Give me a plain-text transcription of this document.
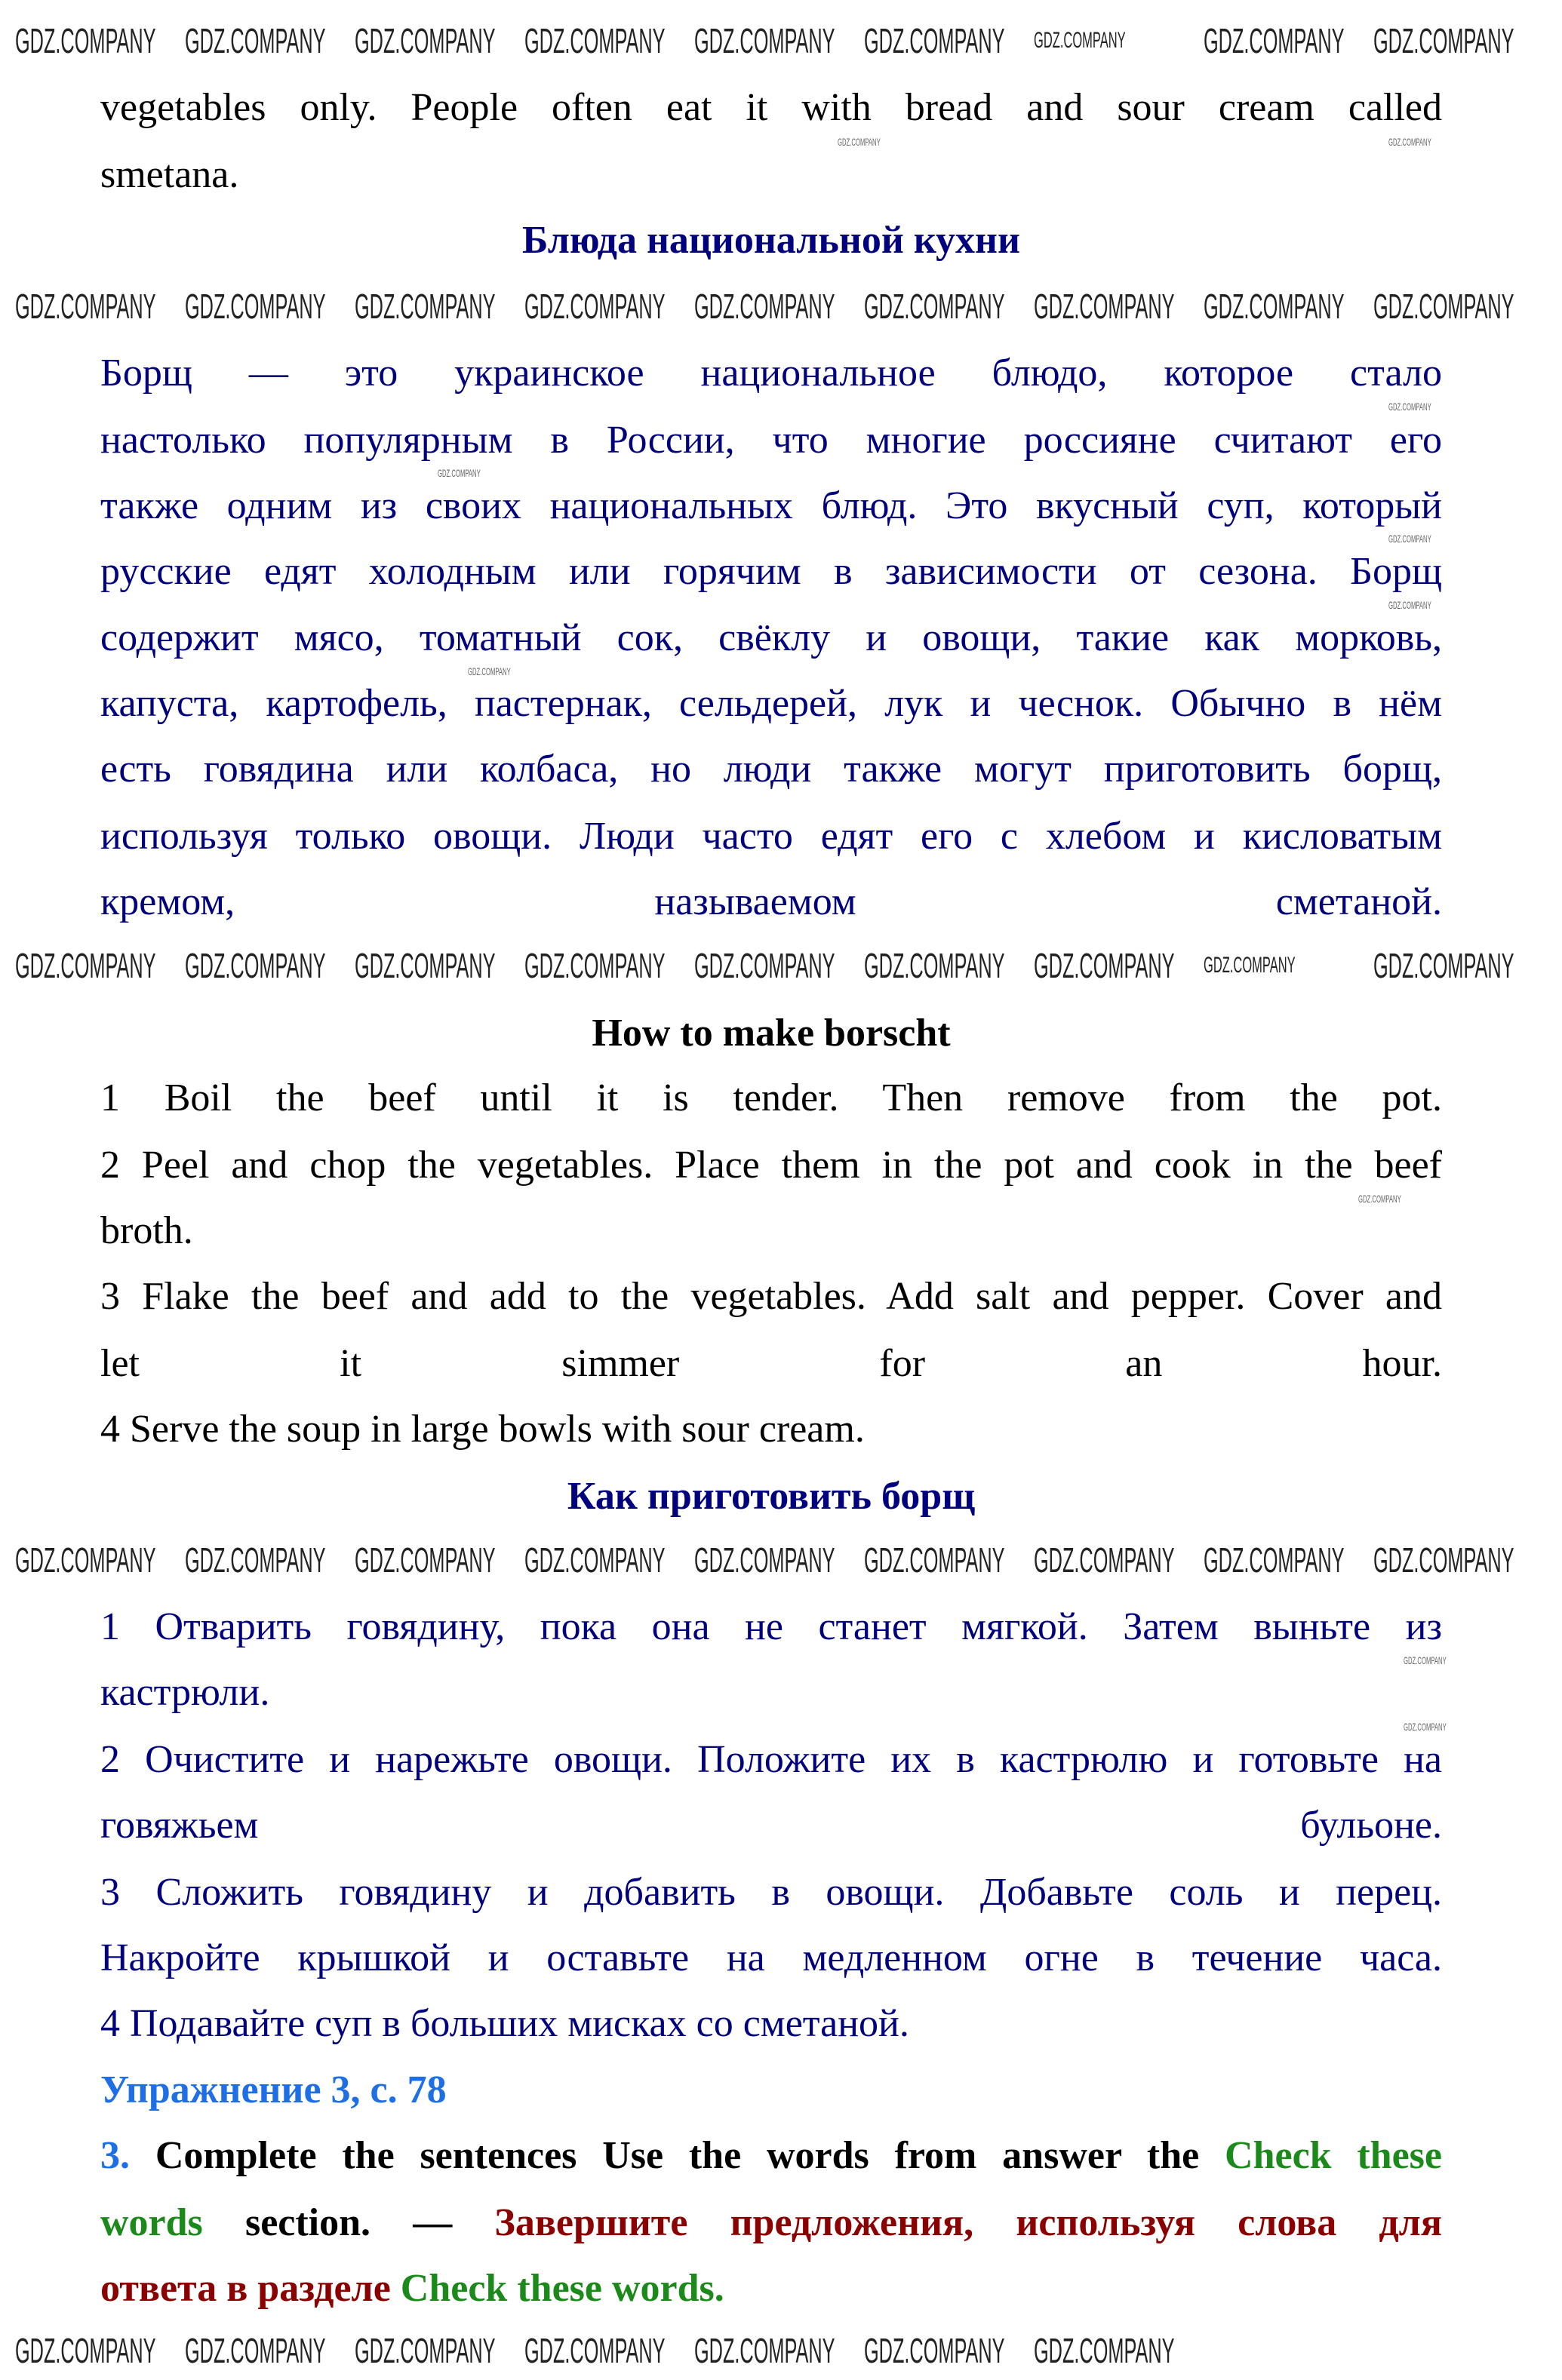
vegetables only. People often eat it with bread and sour cream called
smetana.
Блюда национальной кухни
Борщ — это украинское национальное блюдо, которое стало
настолько популярным в России, что многие россияне считают его
также одним из своих национальных блюд. Это вкусный суп, который
русские едят холодным или горячим в зависимости от сезона. Борщ
содержит мясо, томатный сок, свёклу и овощи, такие как морковь,
капуста, картофель, пастернак, сельдерей, лук и чеснок. Обычно в нём
есть говядина или колбаса, но люди также могут приготовить борщ,
используя только овощи. Люди часто едят его с хлебом и кисловатым
кремом, называемом сметаной.
How to make borscht
1 Boil the beef until it is tender. Then remove from the pot.
2 Peel and chop the vegetables. Place them in the pot and cook in the beef
broth.
3 Flake the beef and add to the vegetables. Add salt and pepper. Cover and
let it simmer for an hour.
4 Serve the soup in large bowls with sour cream.
Как приготовить борщ
1 Отварить говядину, пока она не станет мягкой. Затем выньте из
кастрюли.
2 Очистите и нарежьте овощи. Положите их в кастрюлю и готовьте на
говяжьем бульоне.
3 Сложить говядину и добавить в овощи. Добавьте соль и перец.
Накройте крышкой и оставьте на медленном огне в течение часа.
4 Подавайте суп в больших мисках со сметаной.
Упражнение 3, с. 78
3. Complete the sentences Use the words from answer the Check these
words section. — Завершите предложения, используя слова для
ответа в разделе Check these words.
GDZ.COMPANY GDZ.COMPANY GDZ.COMPANY GDZ.COMPANY GDZ.COMPANY GDZ.COMPANY GDZ.COMPANY GDZ.COMPANY GDZ.COMPANY
GDZ.COMPANY GDZ.COMPANY GDZ.COMPANY GDZ.COMPANY GDZ.COMPANY GDZ.COMPANY GDZ.COMPANY GDZ.COMPANY GDZ.COMPANY
GDZ.COMPANY GDZ.COMPANY GDZ.COMPANY GDZ.COMPANY GDZ.COMPANY GDZ.COMPANY GDZ.COMPANY GDZ.COMPANY GDZ.COMPANY
GDZ.COMPANY GDZ.COMPANY GDZ.COMPANY GDZ.COMPANY GDZ.COMPANY GDZ.COMPANY GDZ.COMPANY GDZ.COMPANY GDZ.COMPANY
GDZ.COMPANY GDZ.COMPANY GDZ.COMPANY GDZ.COMPANY GDZ.COMPANY GDZ.COMPANY GDZ.COMPANY
GDZ.COMPANY	GDZ.COMPANY
GDZ.COMPANY
GDZ.COMPANY
GDZ.COMPANY
GDZ.COMPANY
GDZ.COMPANY
GDZ.COMPANY
GDZ.COMPANY
GDZ.COMPANY
